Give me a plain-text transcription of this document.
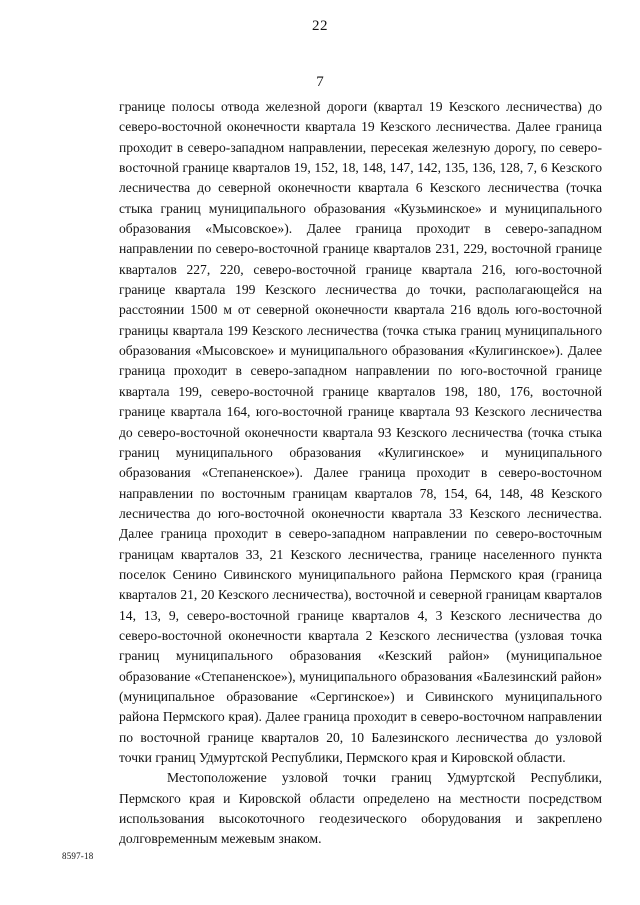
22
7

границе полосы отвода железной дороги (квартал 19 Кезского лесничества) до северо-восточной оконечности квартала 19 Кезского лесничества. Далее граница проходит в северо-западном направлении, пересекая железную дорогу, по северо-восточной границе кварталов 19, 152, 18, 148, 147, 142, 135, 136, 128, 7, 6 Кезского лесничества до северной оконечности квартала 6 Кезского лесничества (точка стыка границ муниципального образования «Кузьминское» и муниципального образования «Мысовское»). Далее граница проходит в северо-западном направлении по северо-восточной границе кварталов 231, 229, восточной границе кварталов 227, 220, северо-восточной границе квартала 216, юго-восточной границе квартала 199 Кезского лесничества до точки, располагающейся на расстоянии 1500 м от северной оконечности квартала 216 вдоль юго-восточной границы квартала 199 Кезского лесничества (точка стыка границ муниципального образования «Мысовское» и муниципального образования «Кулигинское»). Далее граница проходит в северо-западном направлении по юго-восточной границе квартала 199, северо-восточной границе кварталов 198, 180, 176, восточной границе квартала 164, юго-восточной границе квартала 93 Кезского лесничества до северо-восточной оконечности квартала 93 Кезского лесничества (точка стыка границ муниципального образования «Кулигинское» и муниципального образования «Степаненское»). Далее граница проходит в северо-восточном направлении по восточным границам кварталов 78, 154, 64, 148, 48 Кезского лесничества до юго-восточной оконечности квартала 33 Кезского лесничества. Далее граница проходит в северо-западном направлении по северо-восточным границам кварталов 33, 21 Кезского лесничества, границе населенного пункта поселок Сенино Сивинского муниципального района Пермского края (граница кварталов 21, 20 Кезского лесничества), восточной и северной границам кварталов 14, 13, 9, северо-восточной границе кварталов 4, 3 Кезского лесничества до северо-восточной оконечности квартала 2 Кезского лесничества (узловая точка границ муниципального образования «Кезский район» (муниципальное образование «Степаненское»), муниципального образования «Балезинский район» (муниципальное образование «Сергинское») и Сивинского муниципального района Пермского края). Далее граница проходит в северо-восточном направлении по восточной границе кварталов 20, 10 Балезинского лесничества до узловой точки границ Удмуртской Республики, Пермского края и Кировской области.

Местоположение узловой точки границ Удмуртской Республики, Пермского края и Кировской области определено на местности посредством использования высокоточного геодезического оборудования и закреплено долговременным межевым знаком.

8597-18
